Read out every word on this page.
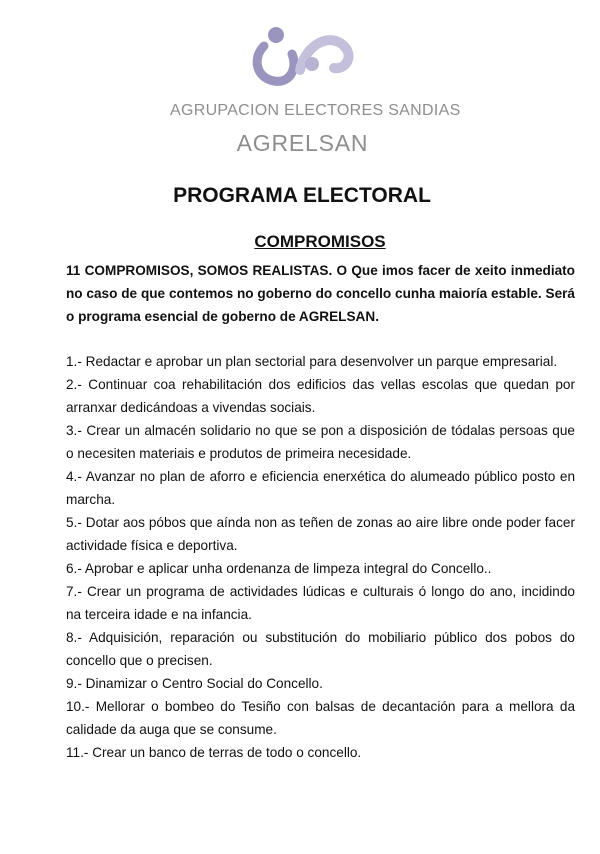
AGRUPACION ELECTORES SANDIAS
AGRELSAN
PROGRAMA ELECTORAL
COMPROMISOS

11 COMPROMISOS, SOMOS REALISTAS. O Que imos facer de xeito inmediato no caso de que contemos no goberno do concello cunha maioría estable. Será o programa esencial de goberno de AGRELSAN.

1.- Redactar e aprobar un plan sectorial para desenvolver un parque empresarial.
2.- Continuar coa rehabilitación dos edificios das vellas escolas que quedan por arranxar dedicándoas a vivendas sociais.
3.- Crear un almacén solidario no que se pon a disposición de tódalas persoas que o necesiten materiais e produtos de primeira necesidade.
4.- Avanzar no plan de aforro e eficiencia enerxética do alumeado público posto en marcha.
5.- Dotar aos póbos que aínda non as teñen de zonas ao aire libre onde poder facer actividade física e deportiva.
6.- Aprobar e aplicar unha ordenanza de limpeza integral do Concello..
7.- Crear un programa de actividades lúdicas e culturais ó longo do ano, incidindo na terceira idade e na infancia.
8.- Adquisición, reparación ou substitución do mobiliario público dos pobos do concello que o precisen.
9.- Dinamizar o Centro Social do Concello.
10.- Mellorar o bombeo do Tesiño con balsas de decantación para a mellora da calidade da auga que se consume.
11.- Crear un banco de terras de todo o concello.
